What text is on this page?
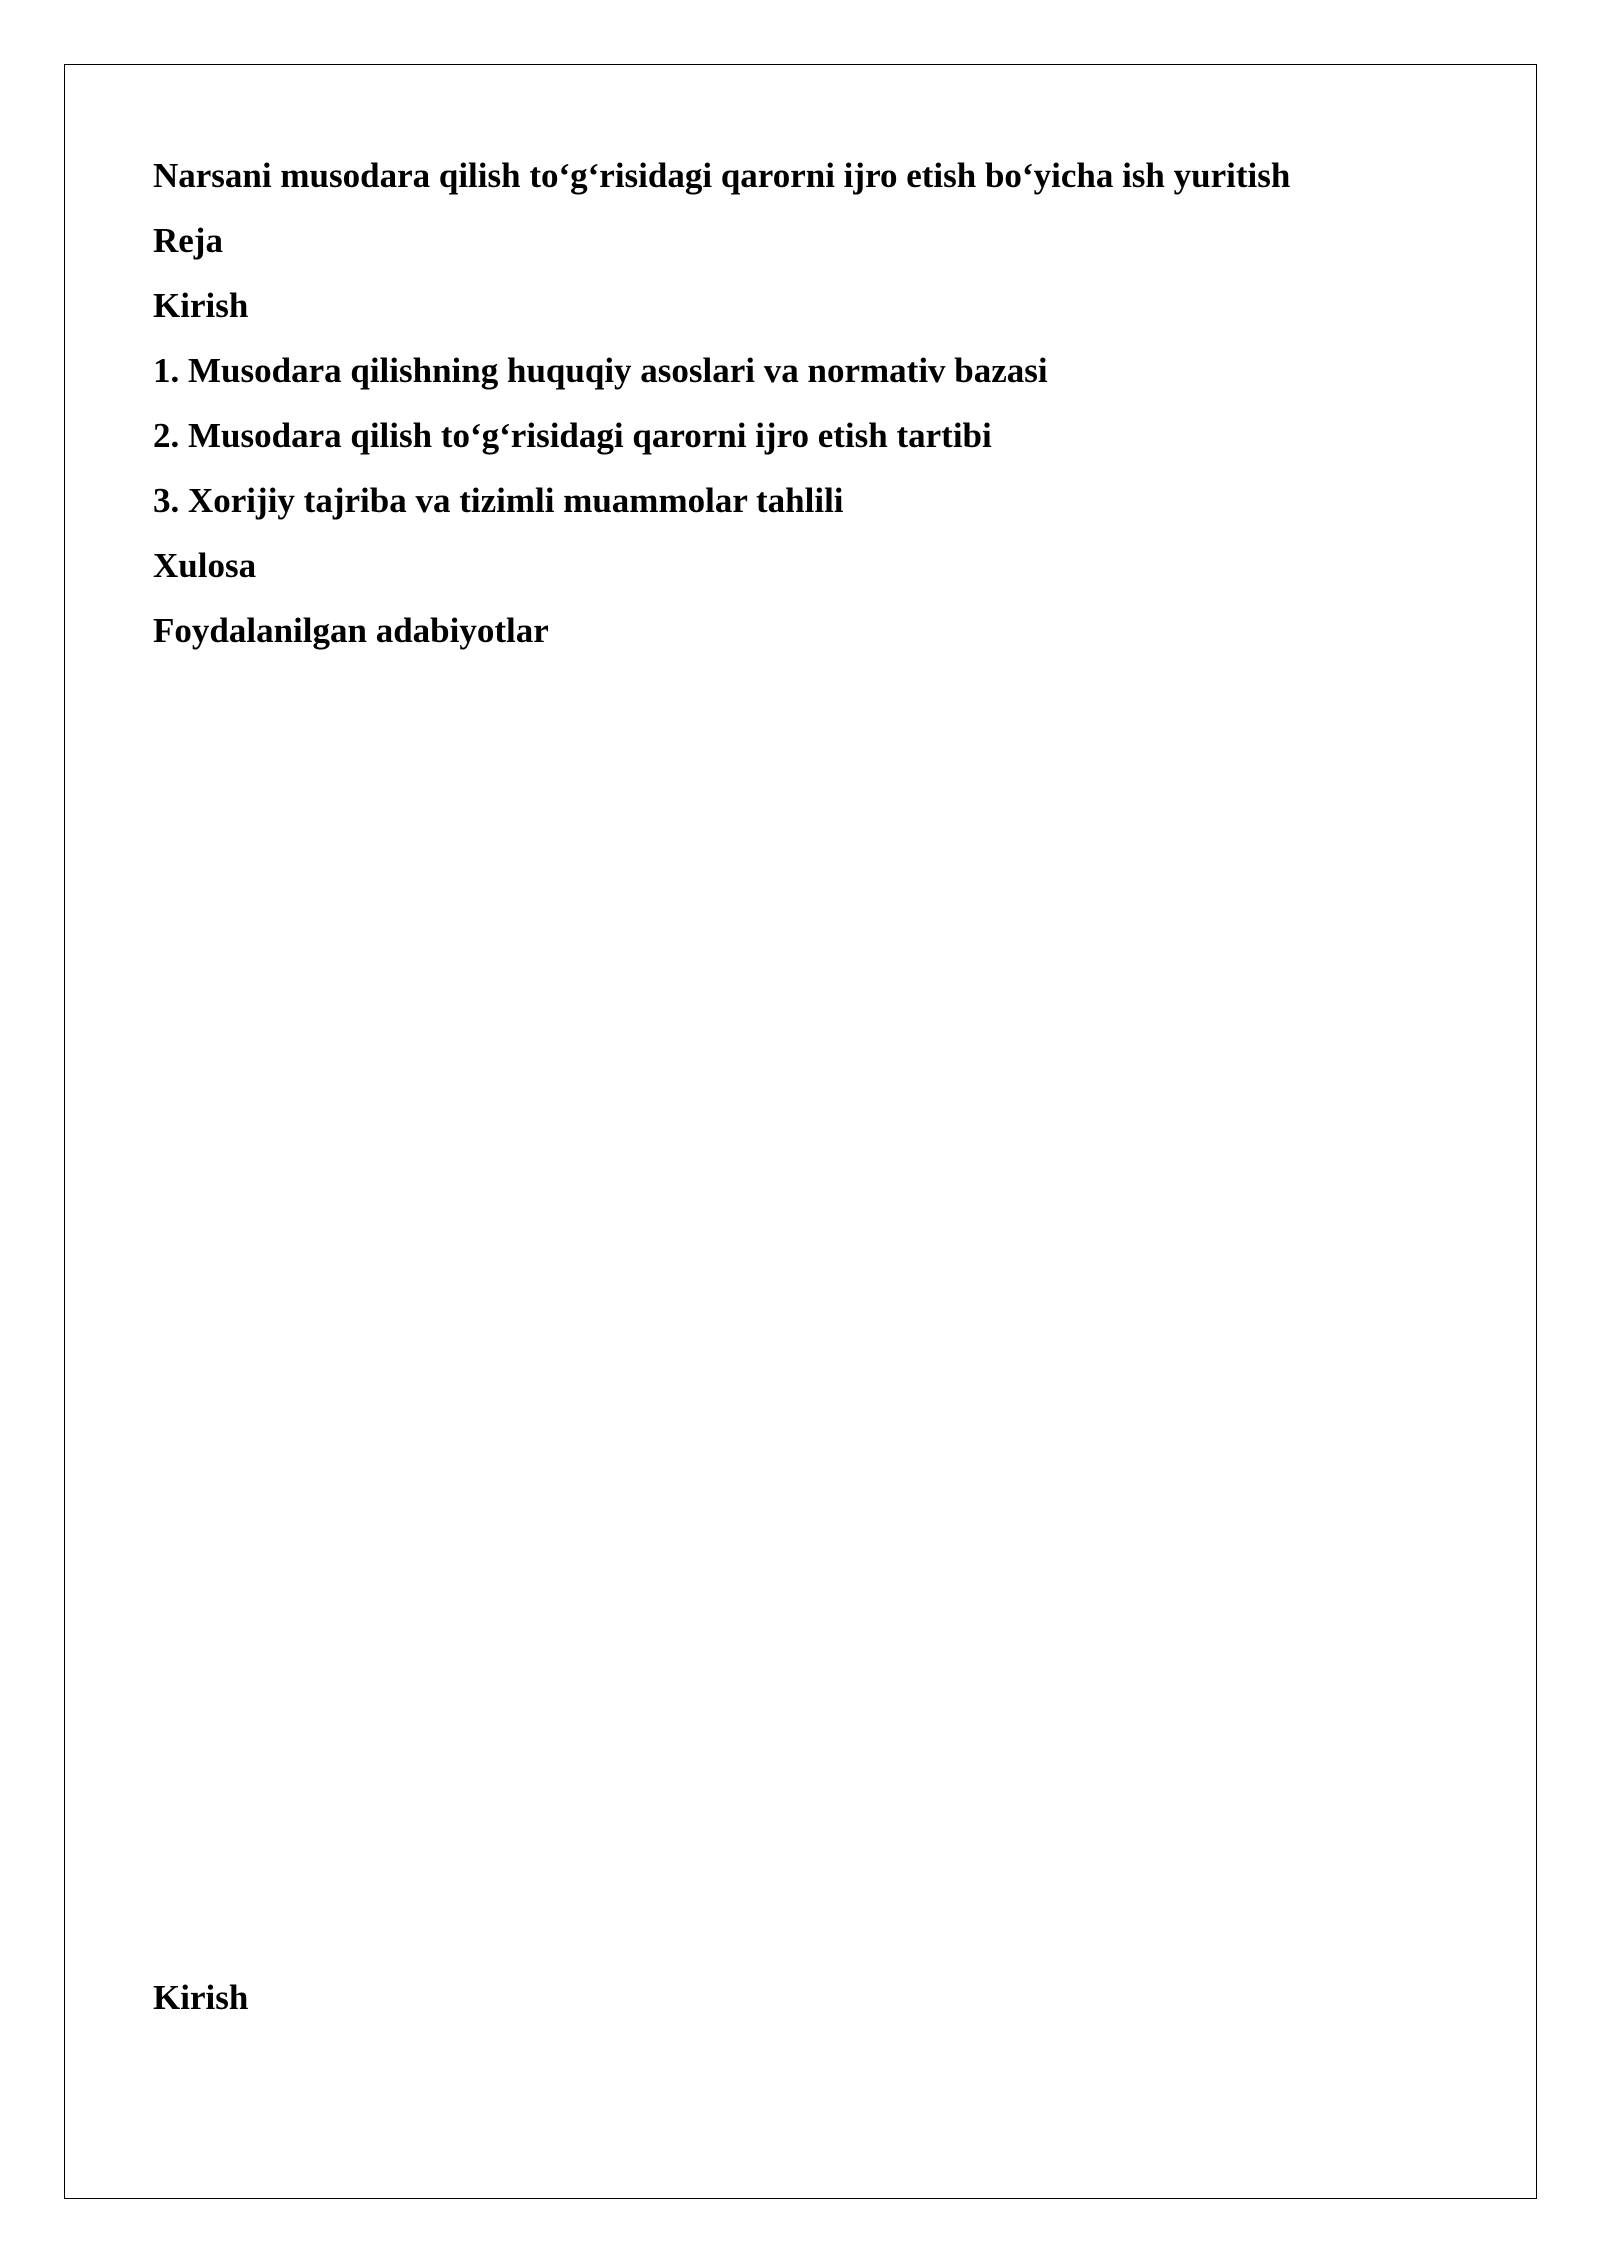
Narsani musodara qilish to‘g‘risidagi qarorni ijro etish bo‘yicha ish yuritish

Reja

Kirish

1. Musodara qilishning huquqiy asoslari va normativ bazasi

2. Musodara qilish to‘g‘risidagi qarorni ijro etish tartibi

3. Xorijiy tajriba va tizimli muammolar tahlili

Xulosa

Foydalanilgan adabiyotlar

Kirish
